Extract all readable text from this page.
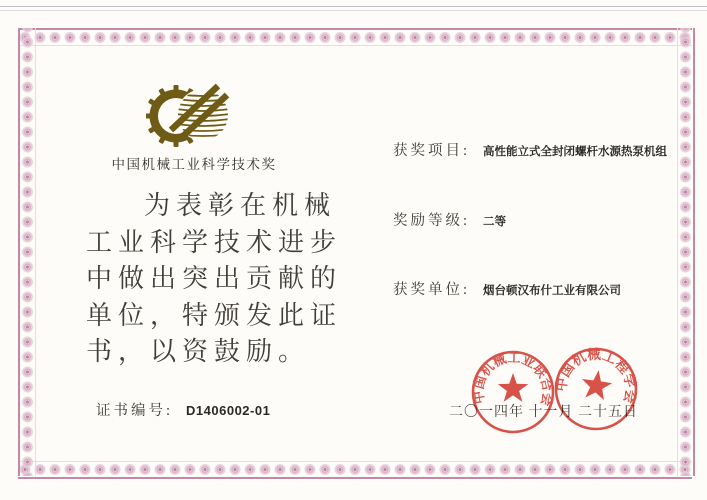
中国机械工业科学技术奖
为表彰在机械
工业科学技术进步
中做出突出贡献的
单位，特颁发此证
书，以资鼓励。
证书编号: D1406002-01
获奖项目: 高性能立式全封闭螺杆水源热泵机组
奖励等级: 二等
获奖单位: 烟台顿汉布什工业有限公司
二〇一四年 十一月 二十五日
中国机械工业联合会
中国机械工程学会
